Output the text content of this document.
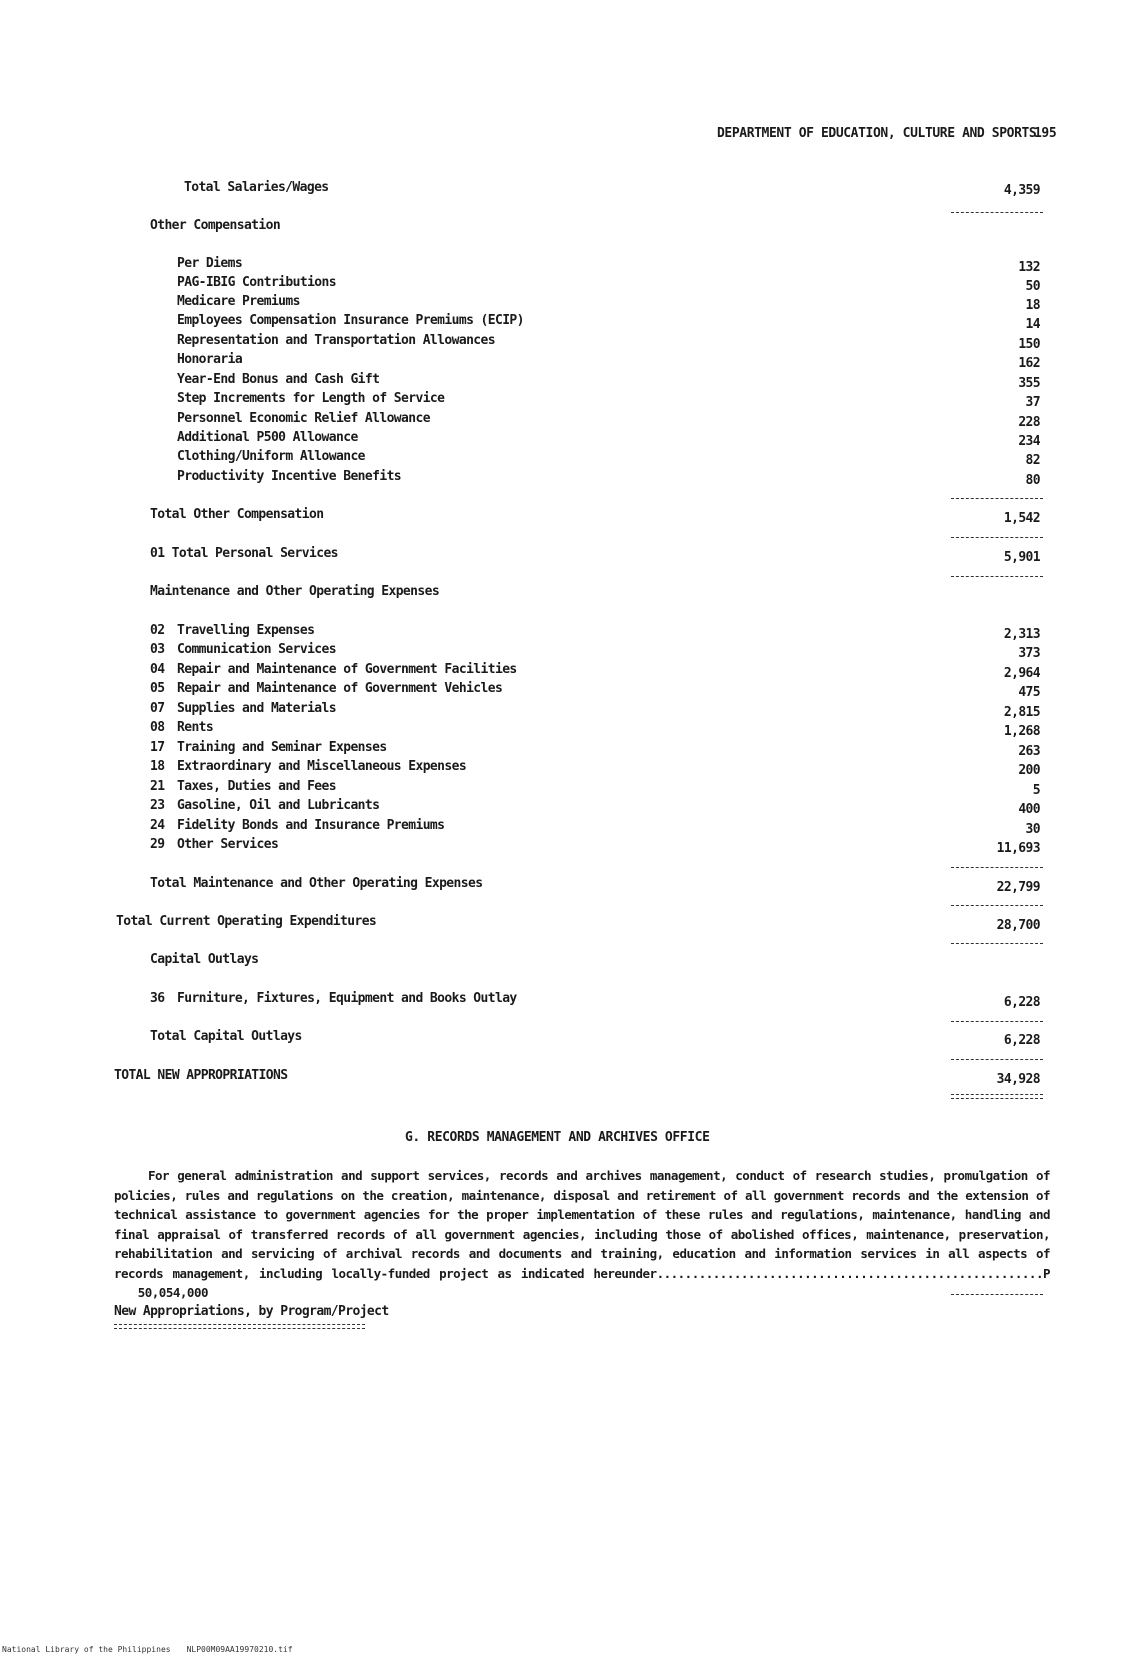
DEPARTMENT OF EDUCATION, CULTURE AND SPORTS
195
Total Salaries/Wages	4,359
Other Compensation
Per Diems	132
PAG-IBIG Contributions	50
Medicare Premiums	18
Employees Compensation Insurance Premiums (ECIP)	14
Representation and Transportation Allowances	150
Honoraria	162
Year-End Bonus and Cash Gift	355
Step Increments for Length of Service	37
Personnel Economic Relief Allowance	228
Additional P500 Allowance	234
Clothing/Uniform Allowance	82
Productivity Incentive Benefits	80
Total Other Compensation	1,542
01 Total Personal Services	5,901
Maintenance and Other Operating Expenses
02 Travelling Expenses	2,313
03 Communication Services	373
04 Repair and Maintenance of Government Facilities	2,964
05 Repair and Maintenance of Government Vehicles	475
07 Supplies and Materials	2,815
08 Rents	1,268
17 Training and Seminar Expenses	263
18 Extraordinary and Miscellaneous Expenses	200
21 Taxes, Duties and Fees	5
23 Gasoline, Oil and Lubricants	400
24 Fidelity Bonds and Insurance Premiums	30
29 Other Services	11,693
Total Maintenance and Other Operating Expenses	22,799
Total Current Operating Expenditures	28,700
Capital Outlays
36 Furniture, Fixtures, Equipment and Books Outlay	6,228
Total Capital Outlays	6,228
TOTAL NEW APPROPRIATIONS	34,928
G. RECORDS MANAGEMENT AND ARCHIVES OFFICE
For general administration and support services, records and archives management, conduct of research studies, promulgation of policies, rules and regulations on the creation, maintenance, disposal and retirement of all government records and the extension of technical assistance to government agencies for the proper implementation of these rules and regulations, maintenance, handling and final appraisal of transferred records of all government agencies, including those of abolished offices, maintenance, preservation, rehabilitation and servicing of archival records and documents and training, education and information services in all aspects of records management, including locally-funded project as indicated hereunder.......................................................P50,054,000
New Appropriations, by Program/Project
National Library of the Philippines NLP00M09AA19970210.tif
